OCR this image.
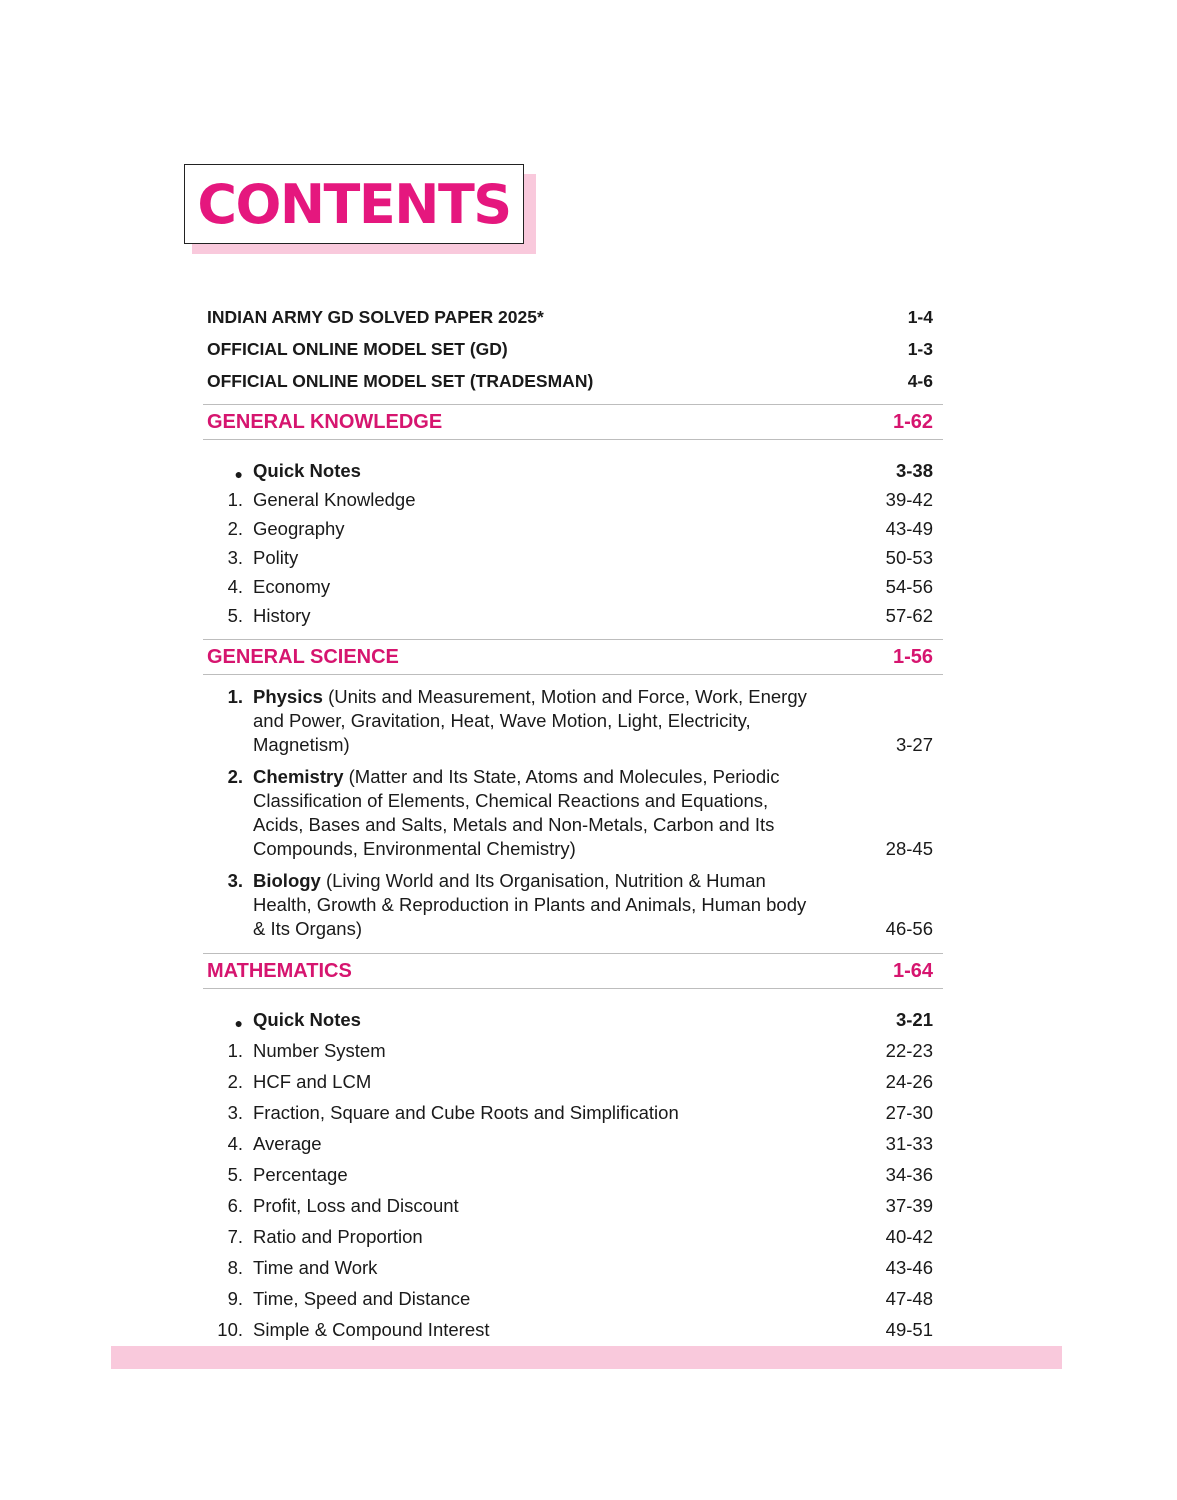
CONTENTS
INDIAN ARMY GD SOLVED PAPER 2025*	1-4
OFFICIAL ONLINE MODEL SET (GD)	1-3
OFFICIAL ONLINE MODEL SET (TRADESMAN)	4-6
GENERAL KNOWLEDGE	1-62
● Quick Notes	3-38
1. General Knowledge	39-42
2. Geography	43-49
3. Polity	50-53
4. Economy	54-56
5. History	57-62
GENERAL SCIENCE	1-56
1. Physics (Units and Measurement, Motion and Force, Work, Energy and Power, Gravitation, Heat, Wave Motion, Light, Electricity, Magnetism)	3-27
2. Chemistry (Matter and Its State, Atoms and Molecules, Periodic Classification of Elements, Chemical Reactions and Equations, Acids, Bases and Salts, Metals and Non-Metals, Carbon and Its Compounds, Environmental Chemistry)	28-45
3. Biology (Living World and Its Organisation, Nutrition & Human Health, Growth & Reproduction in Plants and Animals, Human body & Its Organs)	46-56
MATHEMATICS	1-64
● Quick Notes	3-21
1. Number System	22-23
2. HCF and LCM	24-26
3. Fraction, Square and Cube Roots and Simplification	27-30
4. Average	31-33
5. Percentage	34-36
6. Profit, Loss and Discount	37-39
7. Ratio and Proportion	40-42
8. Time and Work	43-46
9. Time, Speed and Distance	47-48
10. Simple & Compound Interest	49-51
